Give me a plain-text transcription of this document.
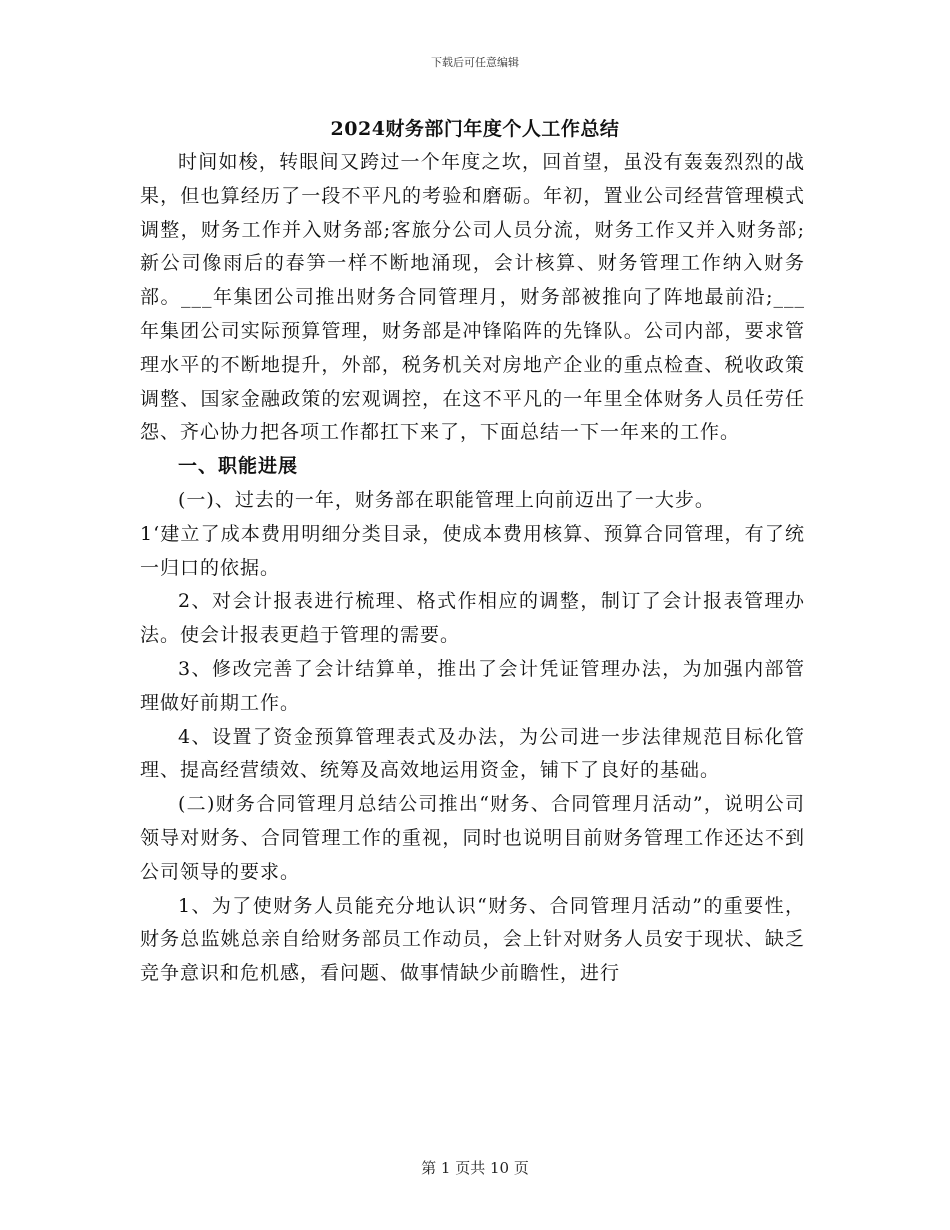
下载后可任意编辑
2024财务部门年度个人工作总结

时间如梭，转眼间又跨过一个年度之坎，回首望，虽没有轰轰烈烈的战果，但也算经历了一段不平凡的考验和磨砺。年初，置业公司经营管理模式调整，财务工作并入财务部;客旅分公司人员分流，财务工作又并入财务部;新公司像雨后的春笋一样不断地涌现，会计核算、财务管理工作纳入财务部。___年集团公司推出财务合同管理月，财务部被推向了阵地最前沿;___年集团公司实际预算管理，财务部是冲锋陷阵的先锋队。公司内部，要求管理水平的不断地提升，外部，税务机关对房地产企业的重点检查、税收政策调整、国家金融政策的宏观调控，在这不平凡的一年里全体财务人员任劳任怨、齐心协力把各项工作都扛下来了，下面总结一下一年来的工作。

一、职能进展

(一)、过去的一年，财务部在职能管理上向前迈出了一大步。

1‘建立了成本费用明细分类目录，使成本费用核算、预算合同管理，有了统一归口的依据。

2、对会计报表进行梳理、格式作相应的调整，制订了会计报表管理办法。使会计报表更趋于管理的需要。

3、修改完善了会计结算单，推出了会计凭证管理办法，为加强内部管理做好前期工作。

4、设置了资金预算管理表式及办法，为公司进一步法律规范目标化管理、提高经营绩效、统筹及高效地运用资金，铺下了良好的基础。

(二)财务合同管理月总结公司推出“财务、合同管理月活动”，说明公司领导对财务、合同管理工作的重视，同时也说明目前财务管理工作还达不到公司领导的要求。

1、为了使财务人员能充分地认识“财务、合同管理月活动”的重要性，财务总监姚总亲自给财务部员工作动员，会上针对财务人员安于现状、缺乏竞争意识和危机感，看问题、做事情缺少前瞻性，进行

第 1 页共 10 页
